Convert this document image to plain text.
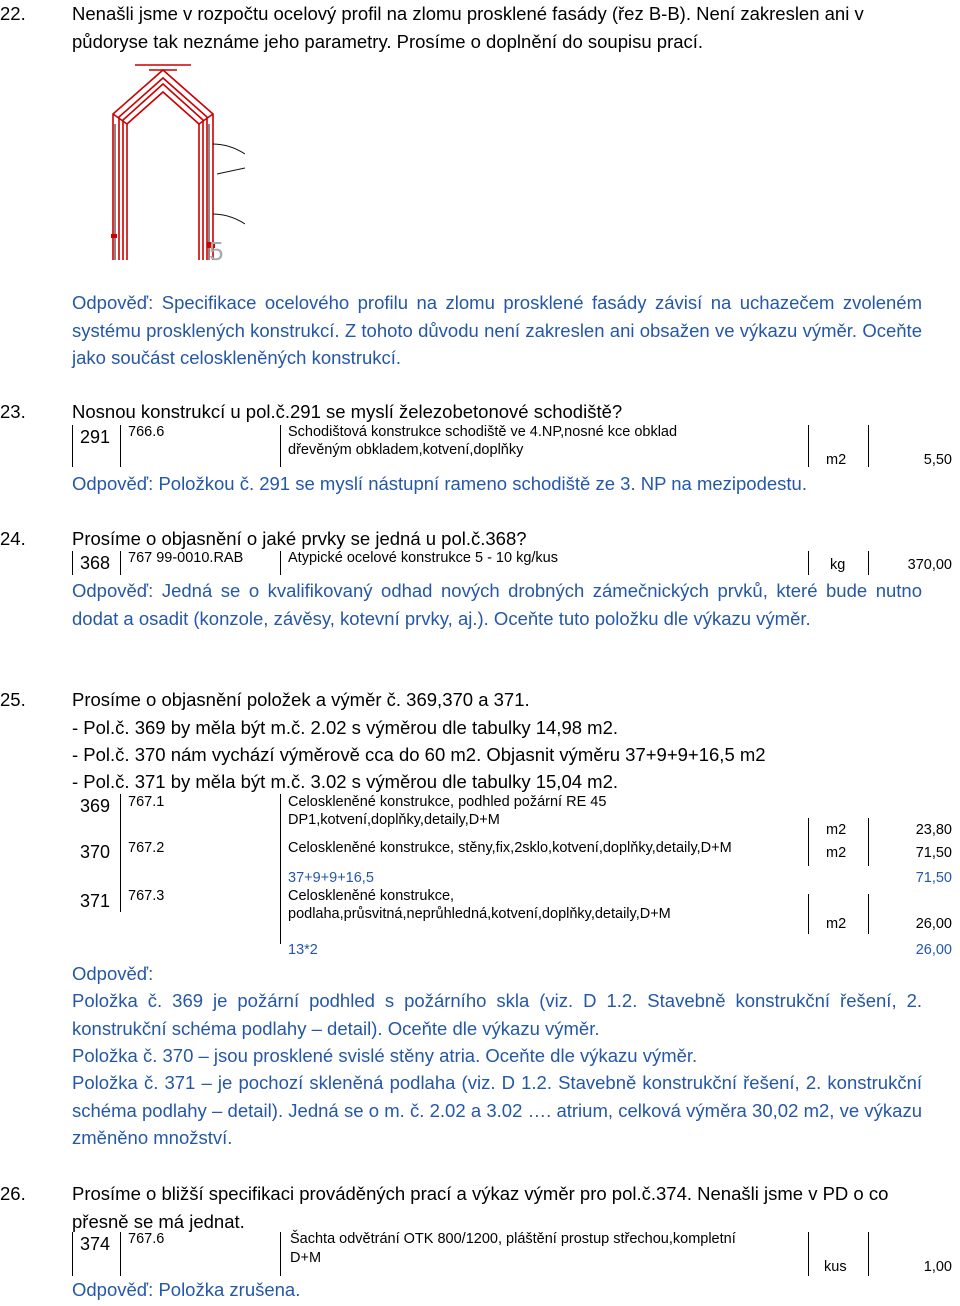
22.	Nenašli jsme v rozpočtu ocelový profil na zlomu prosklené fasády (řez B-B). Není zakreslen ani v půdoryse tak neznáme jeho parametry. Prosíme o doplnění do soupisu prací.
5
Odpověď: Specifikace ocelového profilu na zlomu prosklené fasády závisí na uchazečem zvoleném systému prosklených konstrukcí. Z tohoto důvodu není zakreslen ani obsažen ve výkazu výměr. Oceňte jako součást celoskleněných konstrukcí.
23.	Nosnou konstrukcí u pol.č.291 se myslí železobetonové schodiště?
291 766.6	Schodištová konstrukce schodiště ve 4.NP,nosné kce obklad
dřevěným obkladem,kotvení,doplňky
m2	5,50
Odpověď: Položkou č. 291 se myslí nástupní rameno schodiště ze 3. NP na mezipodestu.
24.	Prosíme o objasnění o jaké prvky se jedná u pol.č.368?
368 767 99-0010.RAB	Atypické ocelové konstrukce 5 - 10 kg/kus	kg	370,00
Odpověď: Jedná se o kvalifikovaný odhad nových drobných zámečnických prvků, které bude nutno dodat a osadit (konzole, závěsy, kotevní prvky, aj.). Oceňte tuto položku dle výkazu výměr.
25.	Prosíme o objasnění položek a výměr č. 369,370 a 371.
- Pol.č. 369 by měla být m.č. 2.02 s výměrou dle tabulky 14,98 m2.
- Pol.č. 370 nám vychází výměrově cca do 60 m2. Objasnit výměru 37+9+9+16,5 m2
- Pol.č. 371 by měla být m.č. 3.02 s výměrou dle tabulky 15,04 m2.
369 767.1	Celoskleněné konstrukce, podhled požární RE 45
DP1,kotvení,doplňky,detaily,D+M
m2	23,80
370 767.2	Celoskleněné konstrukce, stěny,fix,2sklo,kotvení,doplňky,detaily,D+M	m2	71,50
37+9+9+16,5	71,50
371 767.3	Celoskleněné konstrukce,
podlaha,průsvitná,neprůhledná,kotvení,doplňky,detaily,D+M
m2	26,00
13*2	26,00
Odpověď:
Položka č. 369 je požární podhled s požárního skla (viz. D 1.2. Stavebně konstrukční řešení, 2. konstrukční schéma podlahy – detail). Oceňte dle výkazu výměr.
Položka č. 370 – jsou prosklené svislé stěny atria. Oceňte dle výkazu výměr.
Položka č. 371 – je pochozí skleněná podlaha (viz. D 1.2. Stavebně konstrukční řešení, 2. konstrukční schéma podlahy – detail). Jedná se o m. č. 2.02 a 3.02 …. atrium, celková výměra 30,02 m2, ve výkazu změněno množství.
26.	Prosíme o bližší specifikaci prováděných prací a výkaz výměr pro pol.č.374. Nenašli jsme v PD o co přesně se má jednat.
374 767.6	Šachta odvětrání OTK 800/1200, pláštění prostup střechou,kompletní
D+M
kus	1,00
Odpověď: Položka zrušena.
